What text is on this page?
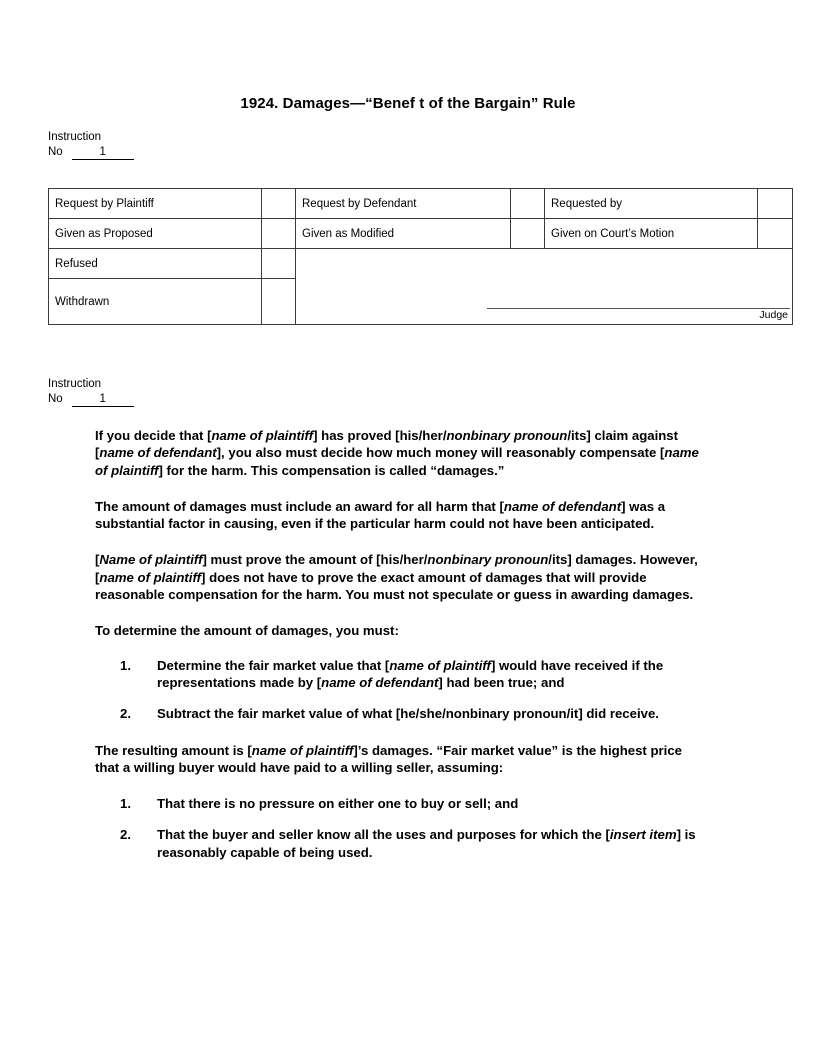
1924. Damages—“Benef t of the Bargain” Rule
Instruction
No	1
Request by Plaintiff		Request by Defendant		Requested by	
Given as Proposed		Given as Modified		Given on Court’s Motion	
Refused		Judge			

Withdrawn					
Instruction
No	1

If you decide that [name of plaintiff] has proved [his/her/nonbinary pronoun/its] claim against [name of defendant], you also must decide how much money will reasonably compensate [name of plaintiff] for the harm. This compensation is called “damages.”

The amount of damages must include an award for all harm that [name of defendant] was a substantial factor in causing, even if the particular harm could not have been anticipated.

[Name of plaintiff] must prove the amount of [his/her/nonbinary pronoun/its] damages. However, [name of plaintiff] does not have to prove the exact amount of damages that will provide reasonable compensation for the harm. You must not speculate or guess in awarding damages.

To determine the amount of damages, you must:

1. Determine the fair market value that [name of plaintiff] would have received if the representations made by [name of defendant] had been true; and
2. Subtract the fair market value of what [he/she/nonbinary pronoun/it] did receive.

The resulting amount is [name of plaintiff]’s damages. “Fair market value” is the highest price that a willing buyer would have paid to a willing seller, assuming:

1. That there is no pressure on either one to buy or sell; and
2. That the buyer and seller know all the uses and purposes for which the [insert item] is reasonably capable of being used.
